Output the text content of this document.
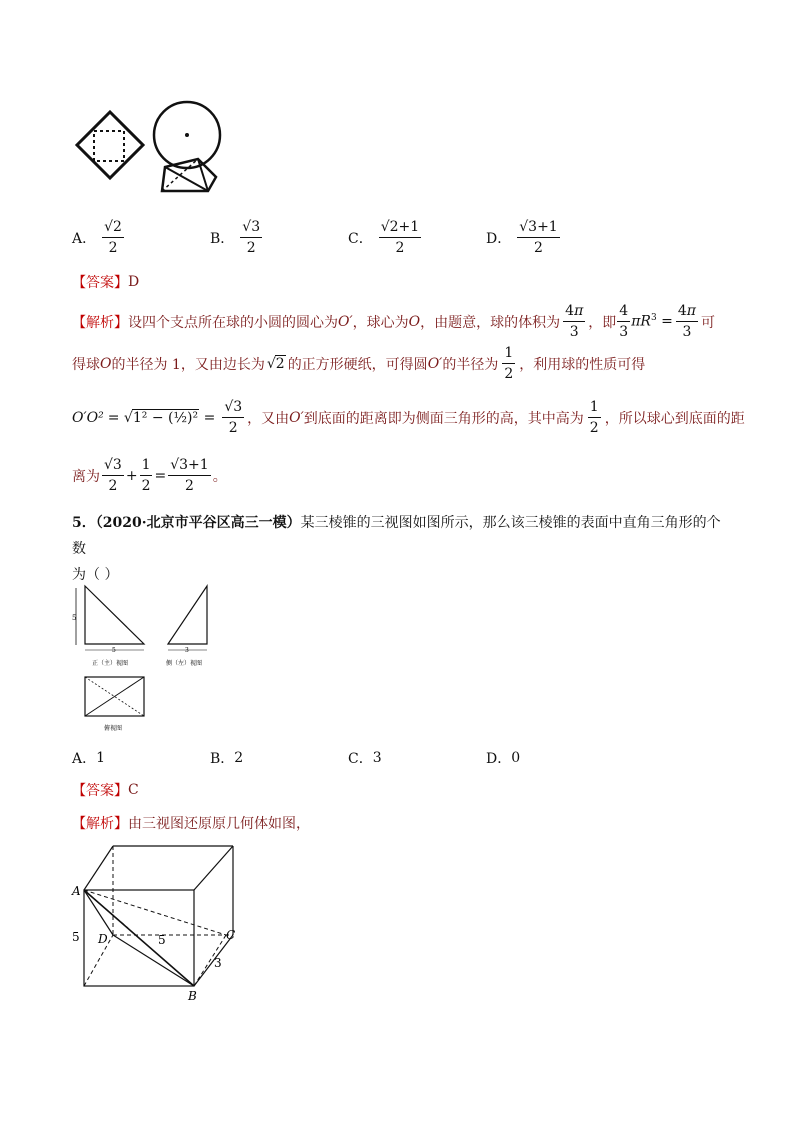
A． $\frac{√2}{2}$	B． $\frac{√3}{2}$	C． $\frac{√2+1}{2}$	D． $\frac{√3+1}{2}$
【答案】 D
【解析】 设四个支点所在球的小圆的圆心为 O′ ，球心为 O ，由题意，球的体积为 $\frac{4\pi}{3}$ ，即 $\frac{4}{3} \pi R^3 = \frac{4\pi}{3}$ 可
得球 O 的半径为 1，又由边长为 √2 的正方形硬纸，可得圆 O′ 的半径为 $\frac{1}{2}$ ，利用球的性质可得
O′O² = √1² − (½)² = $\frac{√3}{2}$ ，又由 O′ 到底面的距离即为侧面三角形的高，其中高为 $\frac{1}{2}$ ，所以球心到底面的距
离为 $\frac{√3}{2} + \frac{1}{2} = \frac{√3+1}{2}$ 。
5．（2020·北京市平谷区高三一模）某三棱锥的三视图如图所示，那么该三棱锥的表面中直角三角形的个数
为（ ）
5
5
正（主）视图
3
侧（左）视图
俯视图
A． 1	B． 2	C． 3	D． 0
【答案】 C
【解析】 由三视图还原原几何体如图，
A
D	C
B
5	5
3
